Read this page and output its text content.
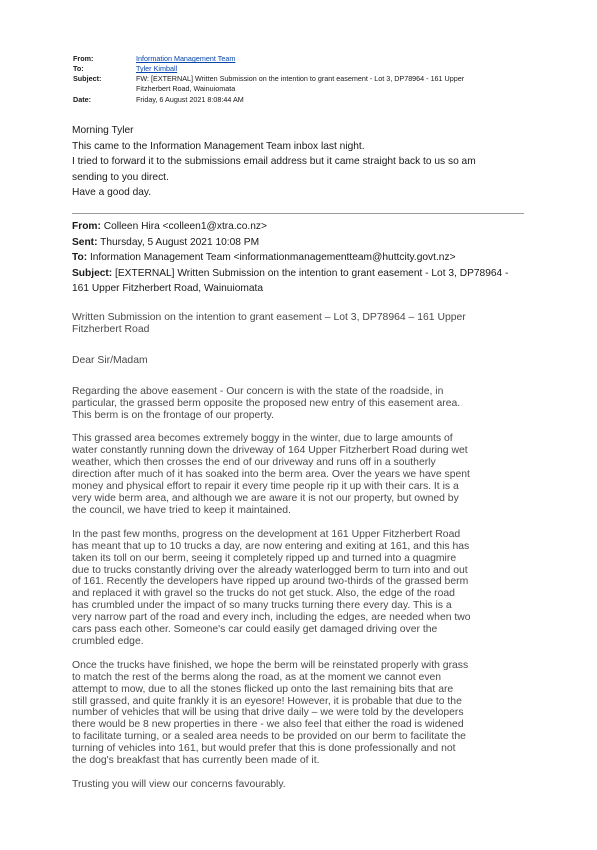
From:	Information Management Team
To:	Tyler Kimball
Subject:	FW: [EXTERNAL] Written Submission on the intention to grant easement - Lot 3, DP78964 - 161 Upper
Fitzherbert Road, Wainuiomata
Date:	Friday, 6 August 2021 8:08:44 AM

Morning Tyler

This came to the Information Management Team inbox last night.

I tried to forward it to the submissions email address but it came straight back to us so am

sending to you direct.

Have a good day.

From: Colleen Hira <colleen1@xtra.co.nz>

Sent: Thursday, 5 August 2021 10:08 PM

To: Information Management Team <informationmanagementteam@huttcity.govt.nz>

Subject: [EXTERNAL] Written Submission on the intention to grant easement - Lot 3, DP78964 -

161 Upper Fitzherbert Road, Wainuiomata

Written Submission on the intention to grant easement – Lot 3, DP78964 – 161 Upper
Fitzherbert Road

Dear Sir/Madam

Regarding the above easement - Our concern is with the state of the roadside, in
particular, the grassed berm opposite the proposed new entry of this easement area.
This berm is on the frontage of our property.

This grassed area becomes extremely boggy in the winter, due to large amounts of
water constantly running down the driveway of 164 Upper Fitzherbert Road during wet
weather, which then crosses the end of our driveway and runs off in a southerly
direction after much of it has soaked into the berm area. Over the years we have spent
money and physical effort to repair it every time people rip it up with their cars. It is a
very wide berm area, and although we are aware it is not our property, but owned by
the council, we have tried to keep it maintained.

In the past few months, progress on the development at 161 Upper Fitzherbert Road
has meant that up to 10 trucks a day, are now entering and exiting at 161, and this has
taken its toll on our berm, seeing it completely ripped up and turned into a quagmire
due to trucks constantly driving over the already waterlogged berm to turn into and out
of 161. Recently the developers have ripped up around two-thirds of the grassed berm
and replaced it with gravel so the trucks do not get stuck. Also, the edge of the road
has crumbled under the impact of so many trucks turning there every day. This is a
very narrow part of the road and every inch, including the edges, are needed when two
cars pass each other. Someone's car could easily get damaged driving over the
crumbled edge.

Once the trucks have finished, we hope the berm will be reinstated properly with grass
to match the rest of the berms along the road, as at the moment we cannot even
attempt to mow, due to all the stones flicked up onto the last remaining bits that are
still grassed, and quite frankly it is an eyesore! However, it is probable that due to the
number of vehicles that will be using that drive daily – we were told by the developers
there would be 8 new properties in there - we also feel that either the road is widened
to facilitate turning, or a sealed area needs to be provided on our berm to facilitate the
turning of vehicles into 161, but would prefer that this is done professionally and not
the dog's breakfast that has currently been made of it.

Trusting you will view our concerns favourably.
